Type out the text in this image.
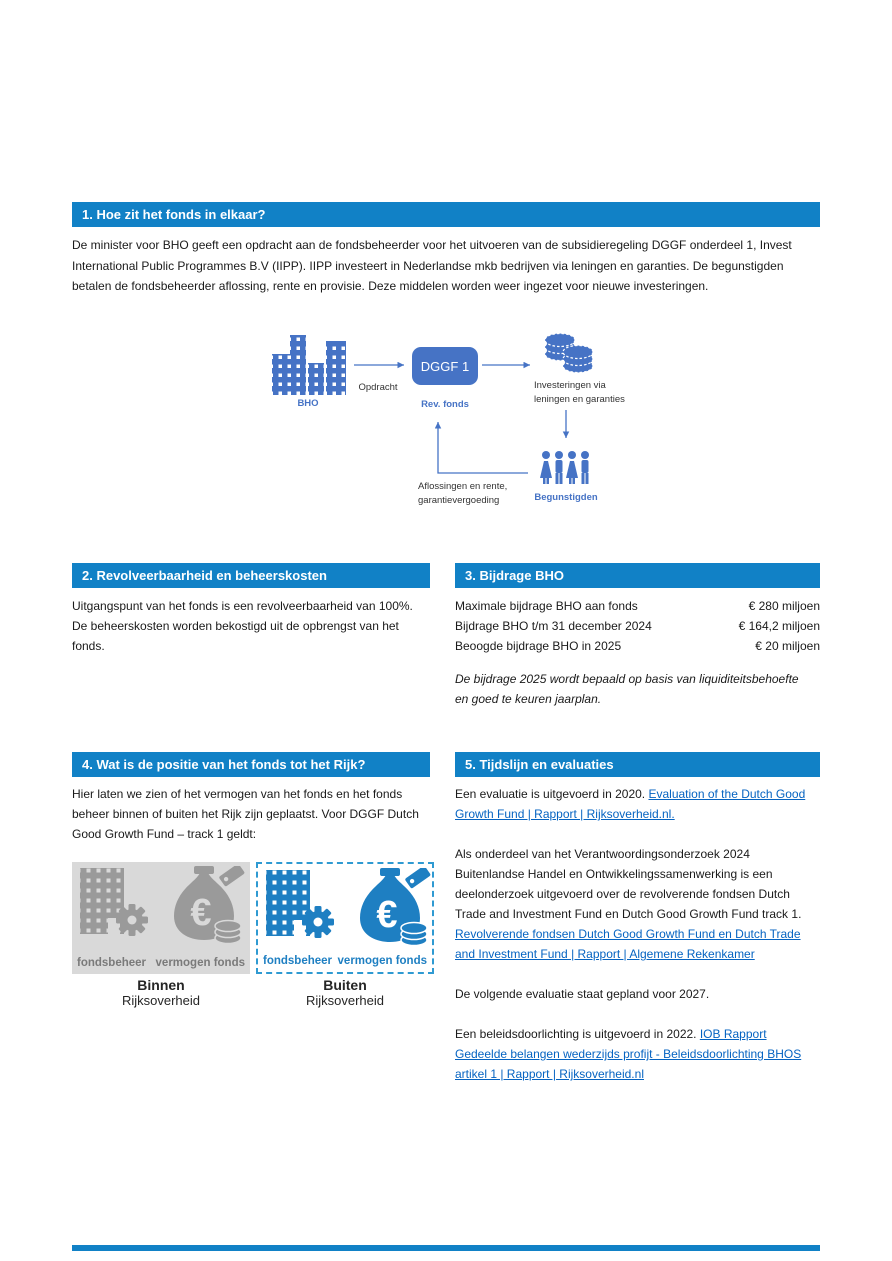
1. Hoe zit het fonds in elkaar?
De minister voor BHO geeft een opdracht aan de fondsbeheerder voor het uitvoeren van de subsidieregeling DGGF onderdeel 1, Invest
International Public Programmes B.V (IIPP). IIPP investeert in Nederlandse mkb bedrijven via leningen en garanties. De begunstigden
betalen de fondsbeheerder aflossing, rente en provisie. Deze middelen worden weer ingezet voor nieuwe investeringen.
BHO
Opdracht
DGGF 1
Rev. fonds
Investeringen via
leningen en garanties
Begunstigden
Aflossingen en rente,
garantievergoeding
2. Revolveerbaarheid en beheerskosten
Uitgangspunt van het fonds is een revolveerbaarheid van 100%.
De beheerskosten worden bekostigd uit de opbrengst van het
fonds.
3. Bijdrage BHO
Maximale bijdrage BHO aan fonds	€ 280 miljoen
Bijdrage BHO t/m 31 december 2024	€ 164,2 miljoen
Beoogde bijdrage BHO in 2025	€ 20 miljoen
De bijdrage 2025 wordt bepaald op basis van liquiditeitsbehoefte
en goed te keuren jaarplan.
4. Wat is de positie van het fonds tot het Rijk?
Hier laten we zien of het vermogen van het fonds en het fonds
beheer binnen of buiten het Rijk zijn geplaatst. Voor DGGF Dutch
Good Growth Fund – track 1 geldt:
€
fondsbeheer vermogen fonds
Binnen
Rijksoverheid
€
fondsbeheer vermogen fonds
Buiten
Rijksoverheid
5. Tijdslijn en evaluaties
Een evaluatie is uitgevoerd in 2020. Evaluation of the Dutch Good
Growth Fund | Rapport | Rijksoverheid.nl.
Als onderdeel van het Verantwoordingsonderzoek 2024
Buitenlandse Handel en Ontwikkelingssamenwerking is een
deelonderzoek uitgevoerd over de revolverende fondsen Dutch
Trade and Investment Fund en Dutch Good Growth Fund track 1.
Revolverende fondsen Dutch Good Growth Fund en Dutch Trade
and Investment Fund | Rapport | Algemene Rekenkamer
De volgende evaluatie staat gepland voor 2027.
Een beleidsdoorlichting is uitgevoerd in 2022. IOB Rapport
Gedeelde belangen wederzijds profijt - Beleidsdoorlichting BHOS
artikel 1 | Rapport | Rijksoverheid.nl
